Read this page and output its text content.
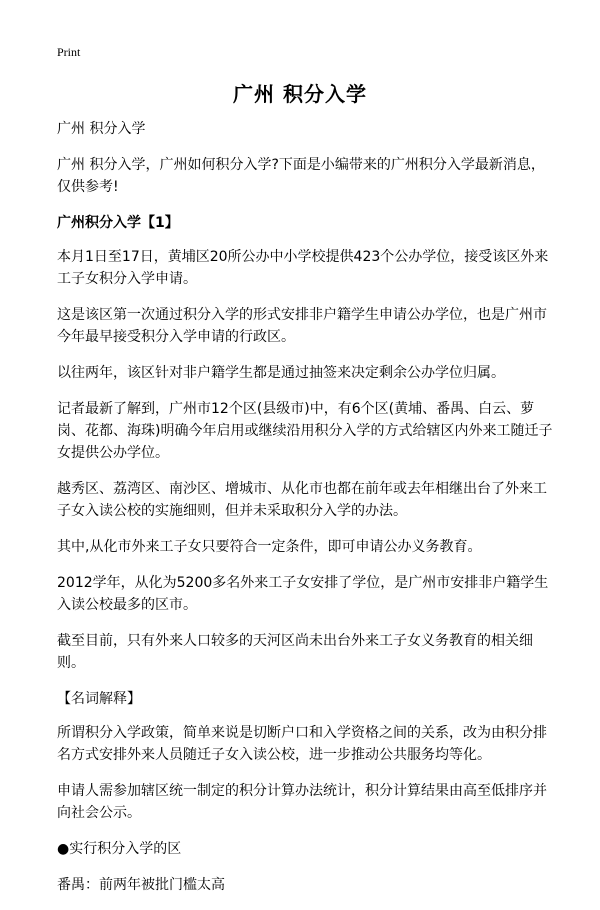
Print
广州 积分入学

广州 积分入学

广州 积分入学，广州如何积分入学?下面是小编带来的广州积分入学最新消息，仅供参考!

广州积分入学【1】

本月1日至17日，黄埔区20所公办中小学校提供423个公办学位，接受该区外来工子女积分入学申请。

这是该区第一次通过积分入学的形式安排非户籍学生申请公办学位，也是广州市今年最早接受积分入学申请的行政区。

以往两年，该区针对非户籍学生都是通过抽签来决定剩余公办学位归属。

记者最新了解到，广州市12个区(县级市)中，有6个区(黄埔、番禺、白云、萝岗、花都、海珠)明确今年启用或继续沿用积分入学的方式给辖区内外来工随迁子女提供公办学位。

越秀区、荔湾区、南沙区、增城市、从化市也都在前年或去年相继出台了外来工子女入读公校的实施细则，但并未采取积分入学的办法。

其中,从化市外来工子女只要符合一定条件，即可申请公办义务教育。

2012学年，从化为5200多名外来工子女安排了学位，是广州市安排非户籍学生入读公校最多的区市。

截至目前，只有外来人口较多的天河区尚未出台外来工子女义务教育的相关细则。

【名词解释】

所谓积分入学政策，简单来说是切断户口和入学资格之间的关系，改为由积分排名方式安排外来人员随迁子女入读公校，进一步推动公共服务均等化。

申请人需参加辖区统一制定的积分计算办法统计，积分计算结果由高至低排序并向社会公示。

●实行积分入学的区

番禺：前两年被批门槛太高
